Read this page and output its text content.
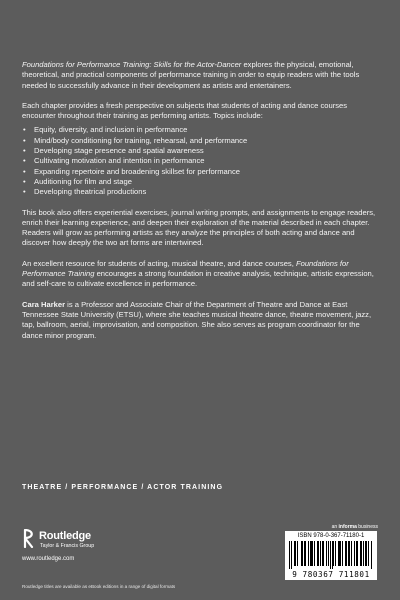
Foundations for Performance Training: Skills for the Actor-Dancer explores the physical, emotional, theoretical, and practical components of performance training in order to equip readers with the tools needed to successfully advance in their development as artists and entertainers.

Each chapter provides a fresh perspective on subjects that students of acting and dance courses encounter throughout their training as performing artists. Topics include:

• Equity, diversity, and inclusion in performance
• Mind/body conditioning for training, rehearsal, and performance
• Developing stage presence and spatial awareness
• Cultivating motivation and intention in performance
• Expanding repertoire and broadening skillset for performance
• Auditioning for film and stage
• Developing theatrical productions

This book also offers experiential exercises, journal writing prompts, and assignments to engage readers, enrich their learning experience, and deepen their exploration of the material described in each chapter. Readers will grow as performing artists as they analyze the principles of both acting and dance and discover how deeply the two art forms are intertwined.

An excellent resource for students of acting, musical theatre, and dance courses, Foundations for Performance Training encourages a strong foundation in creative analysis, technique, artistic expression, and self-care to cultivate excellence in performance.

Cara Harker is a Professor and Associate Chair of the Department of Theatre and Dance at East Tennessee State University (ETSU), where she teaches musical theatre dance, theatre movement, jazz, tap, ballroom, aerial, improvisation, and composition. She also serves as program coordinator for the dance minor program.

THEATRE / PERFORMANCE / ACTOR TRAINING
an informa business
Routledge
Taylor & Francis Group
www.routledge.com
ISBN 978-0-367-71180-1
9 780367 711801
Routledge titles are available as eBook editions in a range of digital formats
